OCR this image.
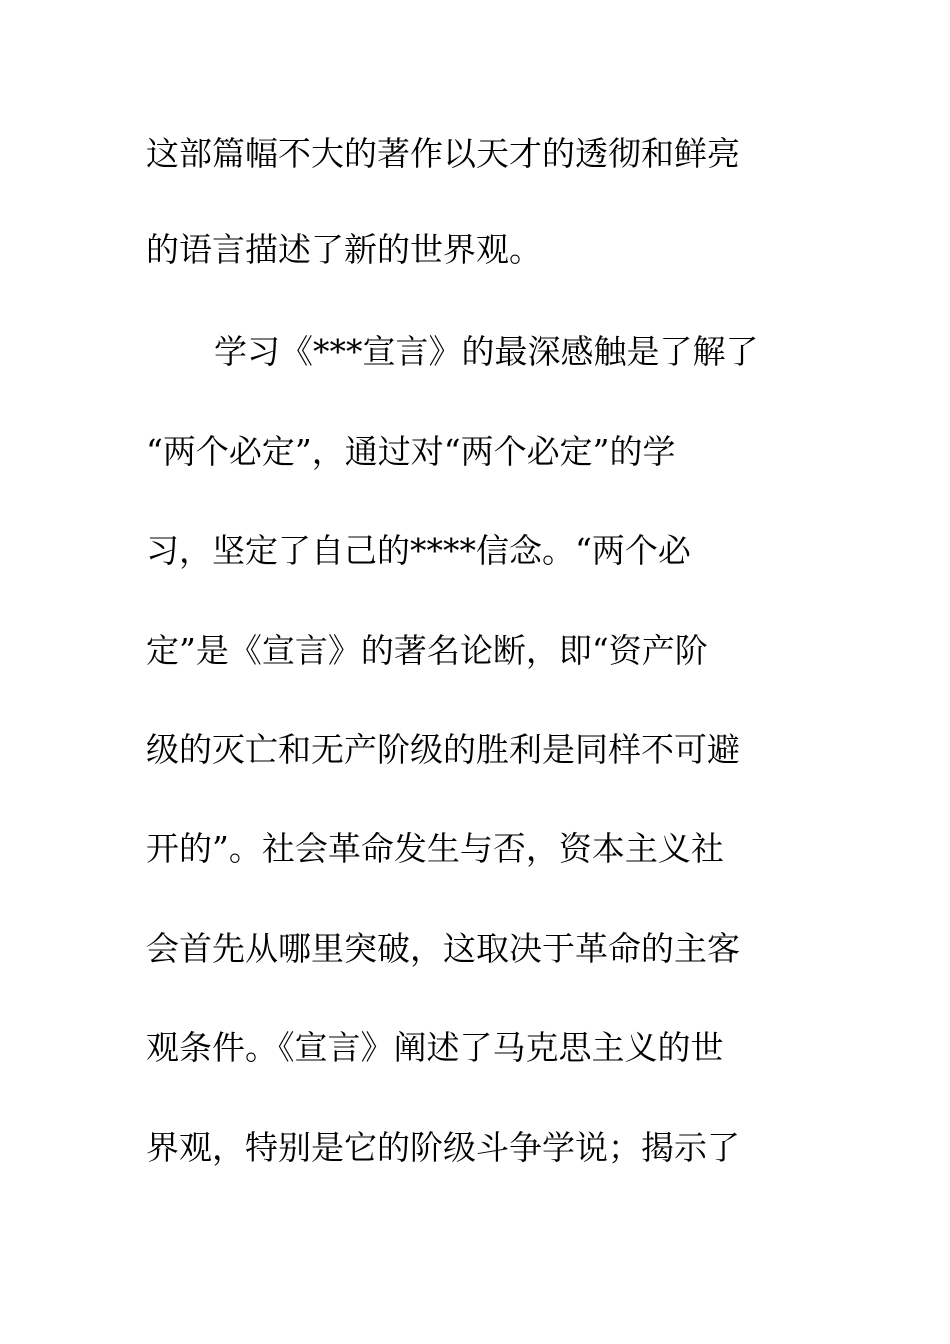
这部篇幅不大的著作以天才的透彻和鲜亮
的语言描述了新的世界观。
学习《***宣言》的最深感触是了解了
“两个必定”，通过对“两个必定”的学
习，坚定了自己的****信念。“两个必
定”是《宣言》的著名论断，即“资产阶
级的灭亡和无产阶级的胜利是同样不可避
开的”。社会革命发生与否，资本主义社
会首先从哪里突破，这取决于革命的主客
观条件。《宣言》阐述了马克思主义的世
界观，特别是它的阶级斗争学说；揭示了
